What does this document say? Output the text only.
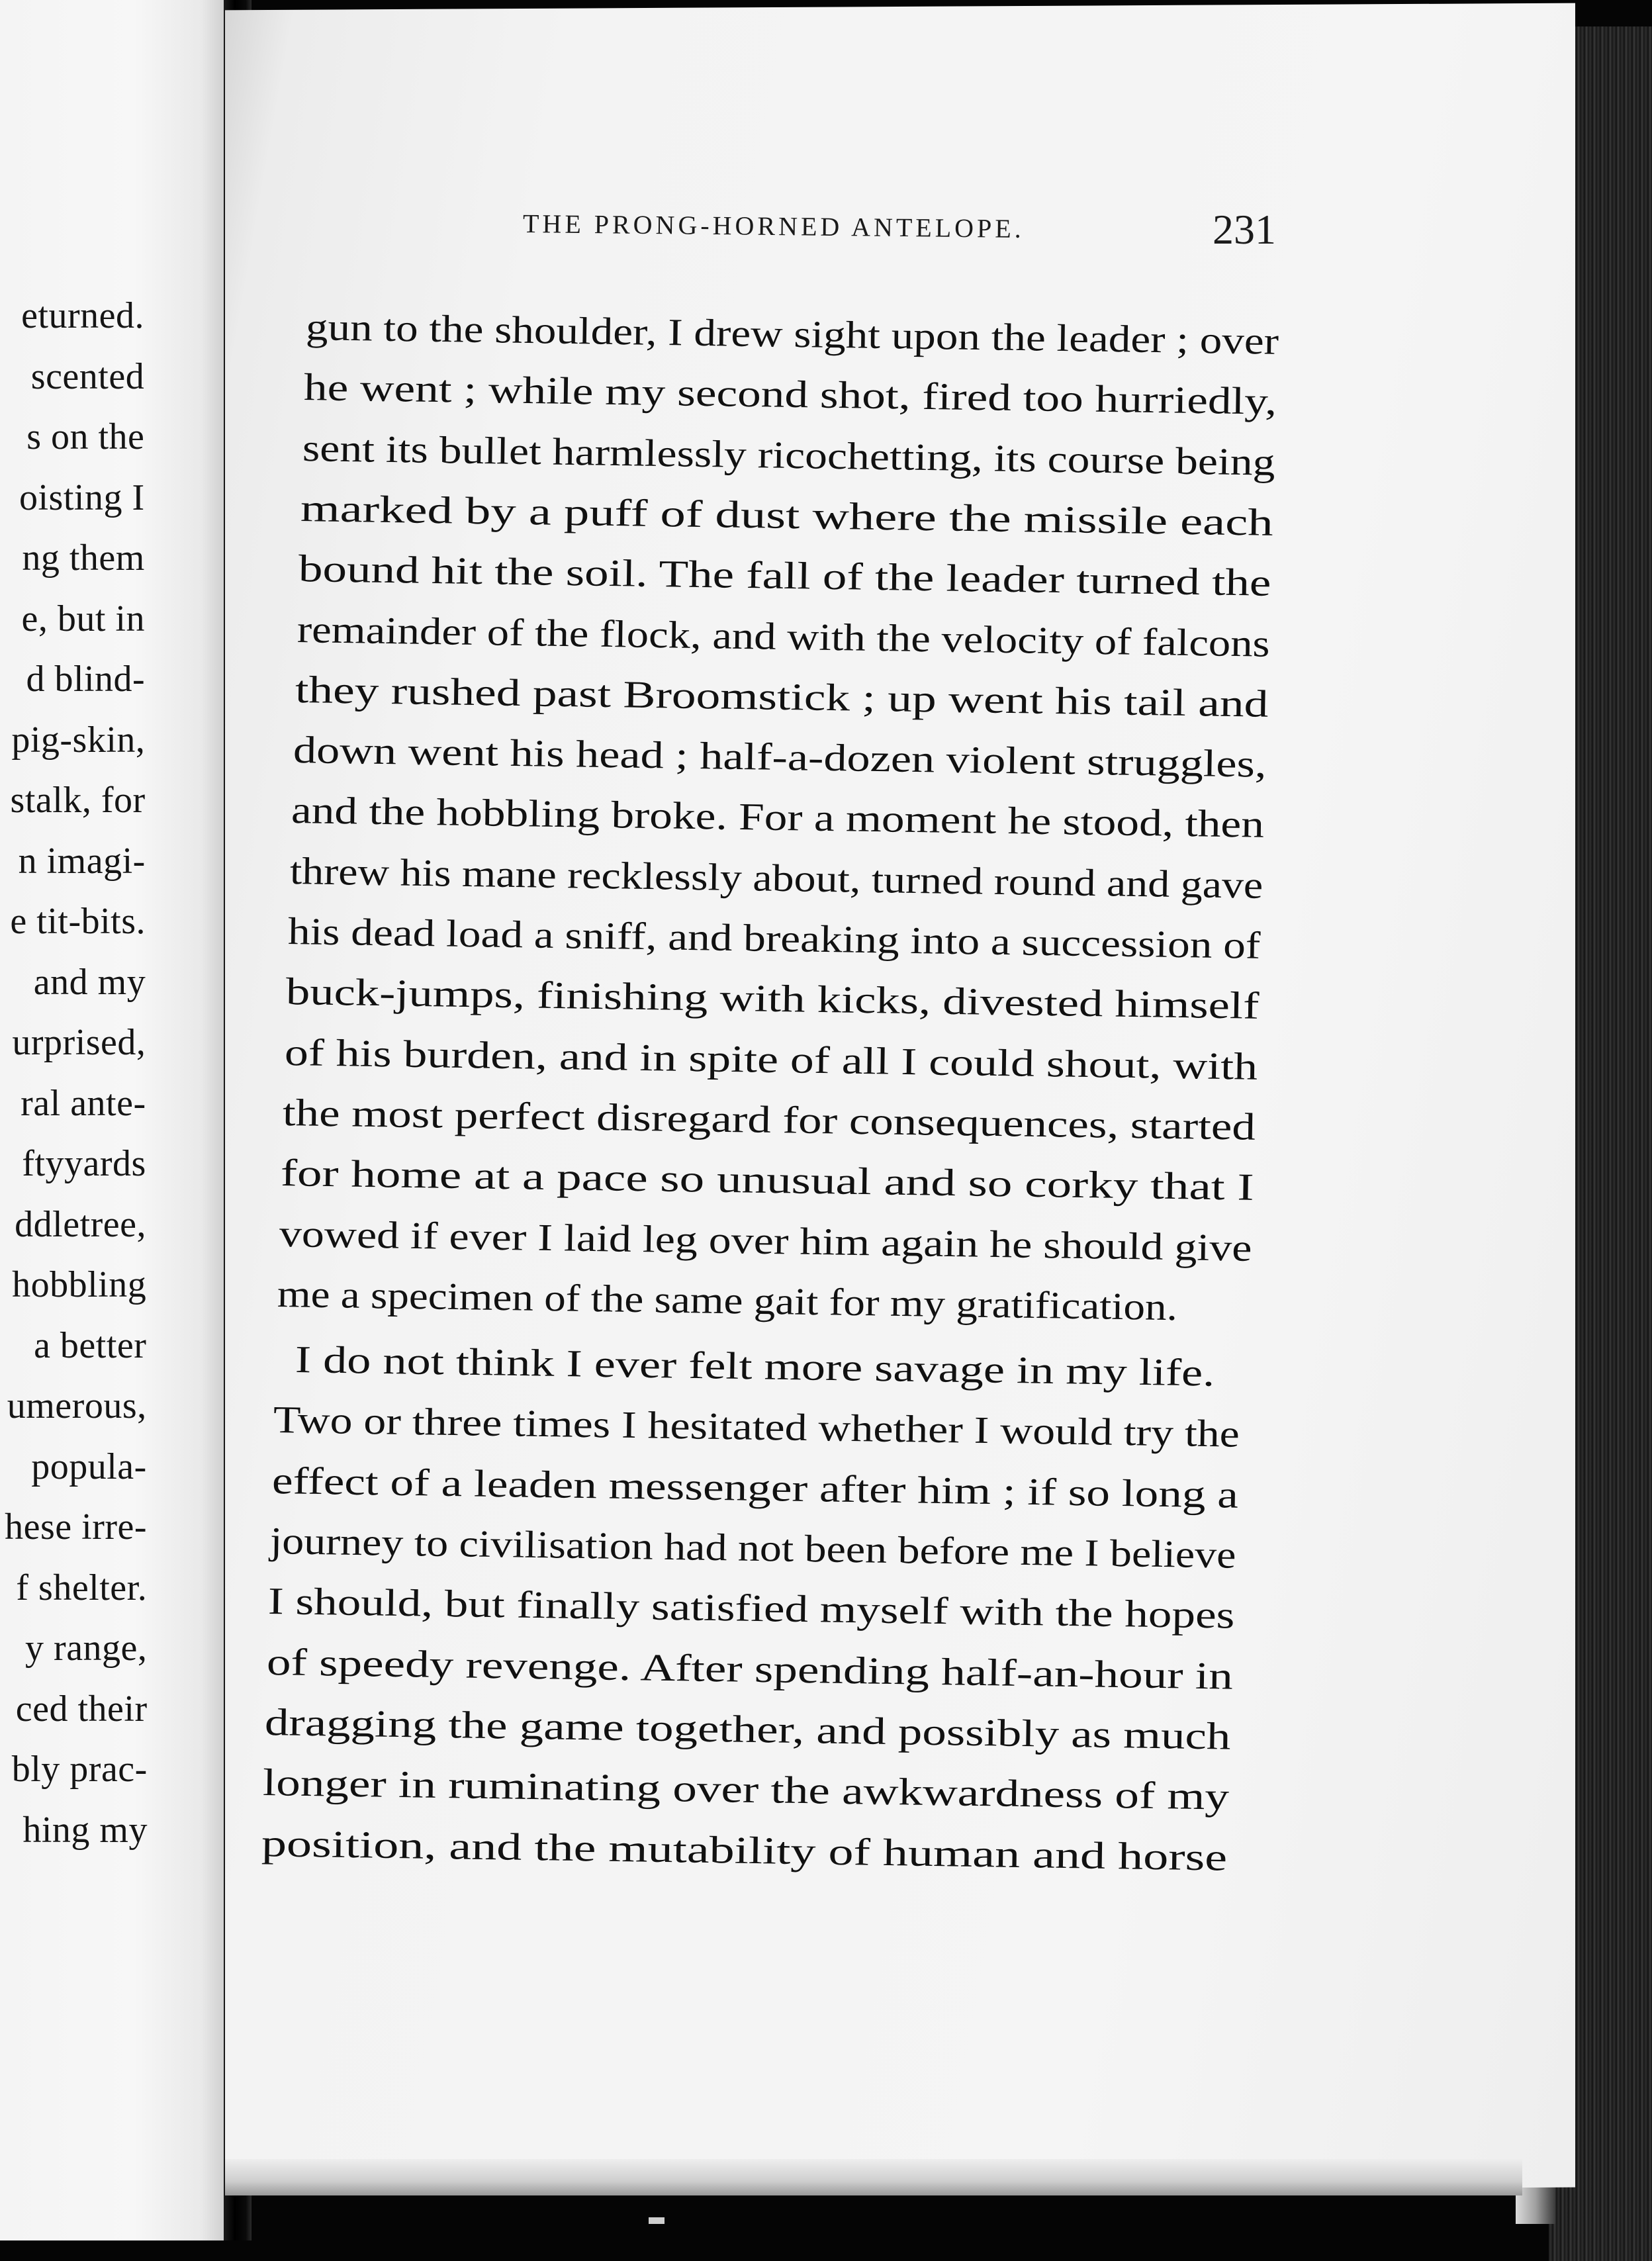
eturned.
scented
s on the
oisting I
ng them
e, but in
d blind-
pig-skin,
stalk, for
n imagi-
e tit-bits.
and my
urprised,
ral ante-
ftyyards
ddletree,
hobbling
a better
umerous,
popula-
hese irre-
f shelter.
y range,
ced their
bly prac-
hing my
THE PRONG-HORNED ANTELOPE.	231
gun to the shoulder, I drew sight upon the leader ; over
he went ; while my second shot, fired too hurriedly,
sent its bullet harmlessly ricochetting, its course being
marked by a puff of dust where the missile each
bound hit the soil. The fall of the leader turned the
remainder of the flock, and with the velocity of falcons
they rushed past Broomstick ; up went his tail and
down went his head ; half-a-dozen violent struggles,
and the hobbling broke. For a moment he stood, then
threw his mane recklessly about, turned round and gave
his dead load a sniff, and breaking into a succession of
buck-jumps, finishing with kicks, divested himself
of his burden, and in spite of all I could shout, with
the most perfect disregard for consequences, started
for home at a pace so unusual and so corky that I
vowed if ever I laid leg over him again he should give
me a specimen of the same gait for my gratification.
I do not think I ever felt more savage in my life.
Two or three times I hesitated whether I would try the
effect of a leaden messenger after him ; if so long a
journey to civilisation had not been before me I believe
I should, but finally satisfied myself with the hopes
of speedy revenge. After spending half-an-hour in
dragging the game together, and possibly as much
longer in ruminating over the awkwardness of my
position, and the mutability of human and horse
